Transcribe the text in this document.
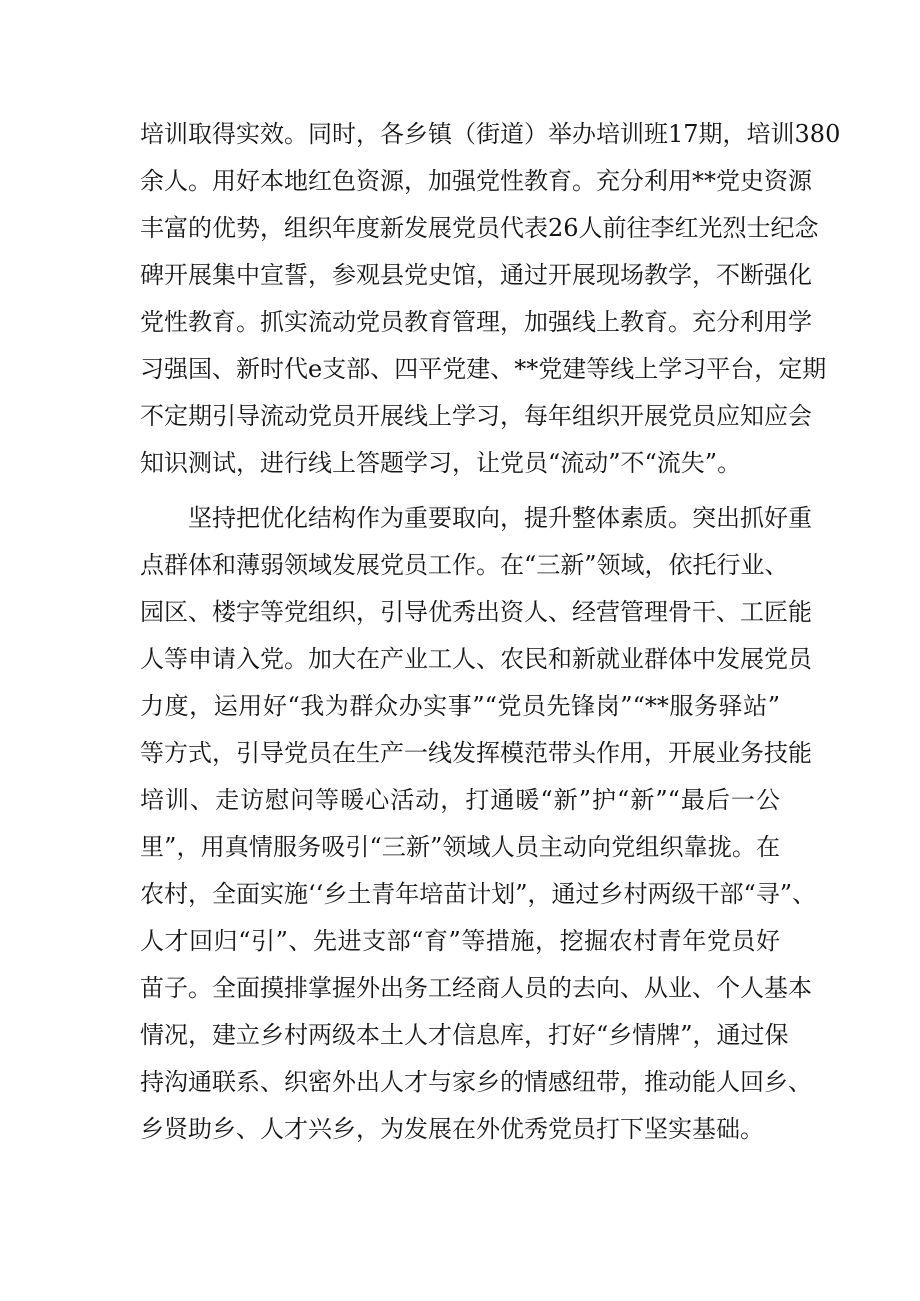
培训取得实效。同时，各乡镇（街道）举办培训班17期，培训380
余人。用好本地红色资源，加强党性教育。充分利用**党史资源
丰富的优势，组织年度新发展党员代表26人前往李红光烈士纪念
碑开展集中宣誓，参观县党史馆，通过开展现场教学，不断强化
党性教育。抓实流动党员教育管理，加强线上教育。充分利用学
习强国、新时代e支部、四平党建、**党建等线上学习平台，定期
不定期引导流动党员开展线上学习，每年组织开展党员应知应会
知识测试，进行线上答题学习，让党员“流动”不“流失”。
坚持把优化结构作为重要取向，提升整体素质。突出抓好重
点群体和薄弱领域发展党员工作。在“三新”领域，依托行业、
园区、楼宇等党组织，引导优秀出资人、经营管理骨干、工匠能
人等申请入党。加大在产业工人、农民和新就业群体中发展党员
力度，运用好“我为群众办实事”“党员先锋岗”“**服务驿站”
等方式，引导党员在生产一线发挥模范带头作用，开展业务技能
培训、走访慰问等暖心活动，打通暖“新”护“新”“最后一公
里”，用真情服务吸引“三新”领域人员主动向党组织靠拢。在
农村，全面实施‘‘乡土青年培苗计划”，通过乡村两级干部“寻”、
人才回归“引”、先进支部“育”等措施，挖掘农村青年党员好
苗子。全面摸排掌握外出务工经商人员的去向、从业、个人基本
情况，建立乡村两级本土人才信息库，打好“乡情牌”，通过保
持沟通联系、织密外出人才与家乡的情感纽带，推动能人回乡、
乡贤助乡、人才兴乡，为发展在外优秀党员打下坚实基础。
